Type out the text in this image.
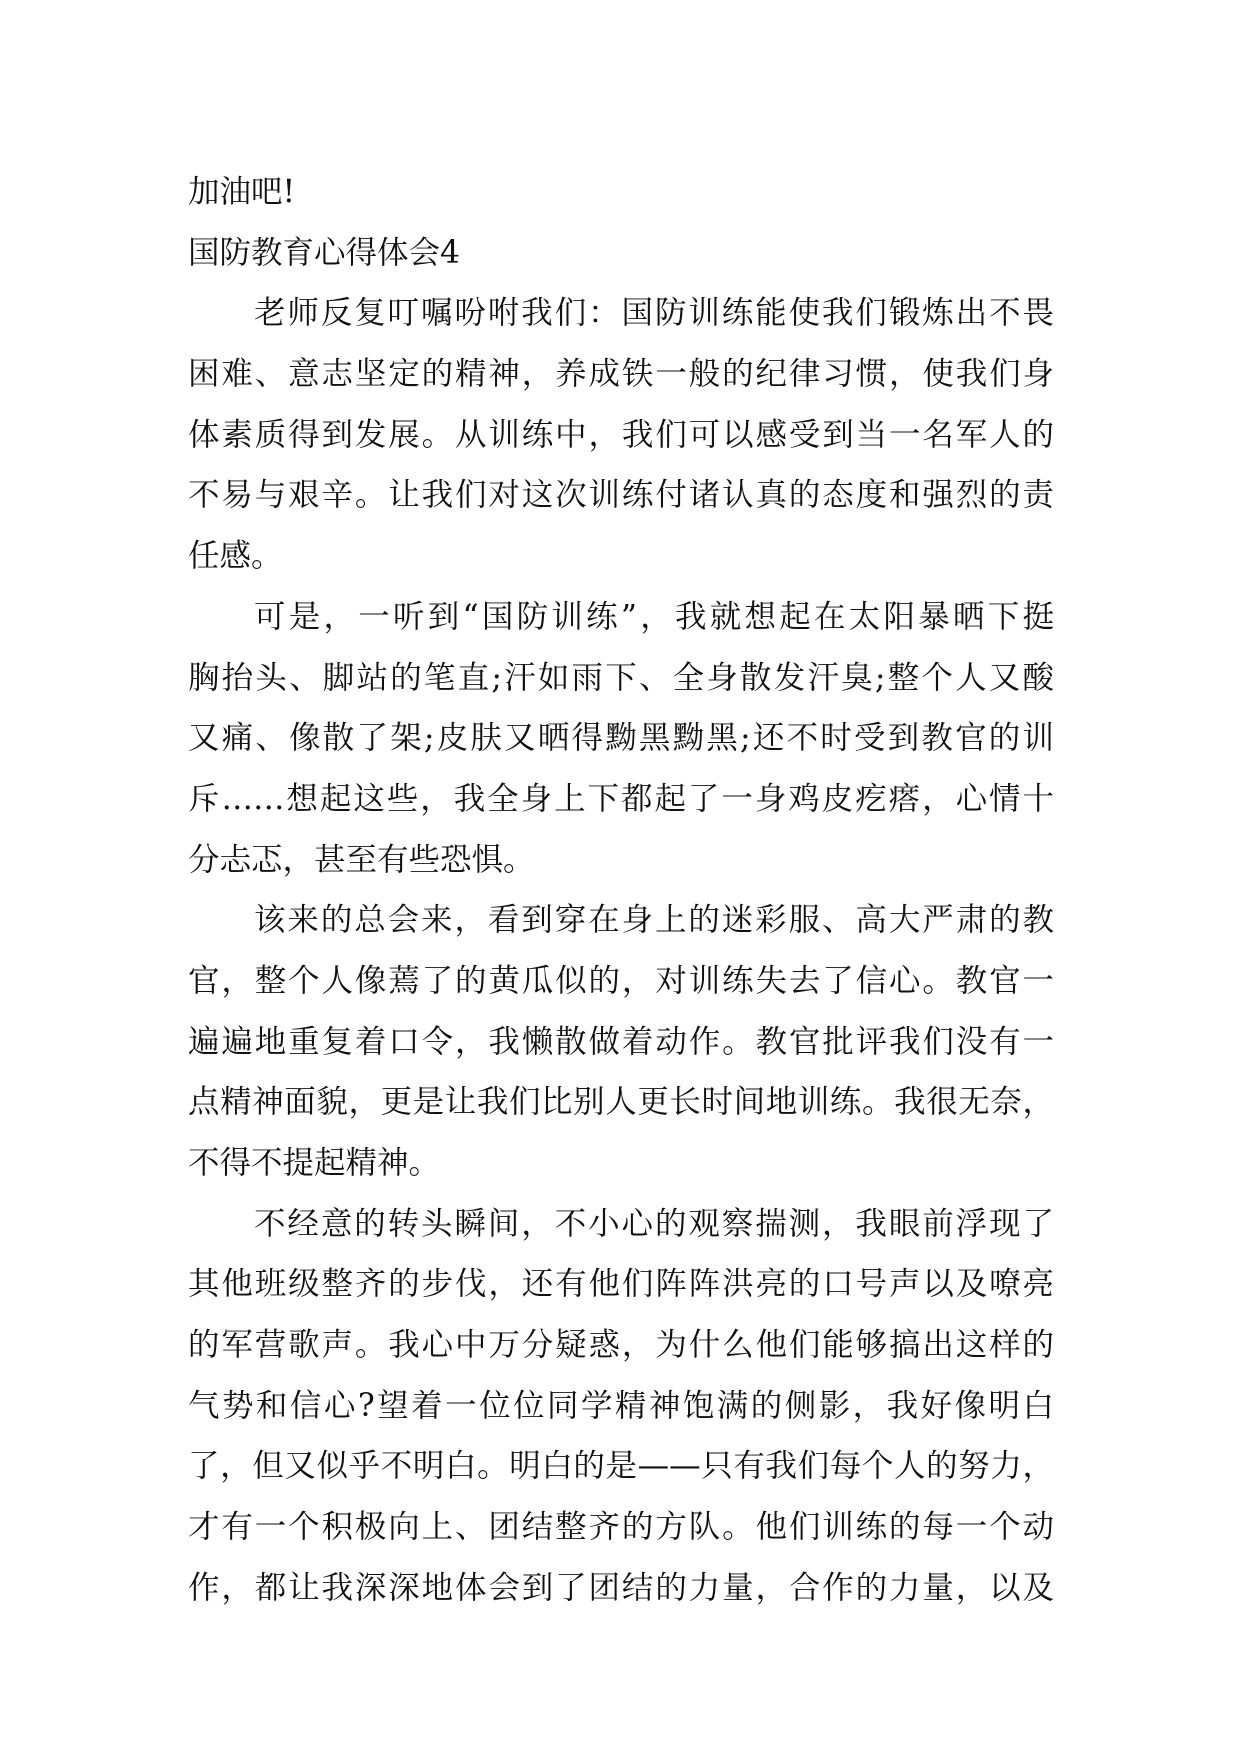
加油吧!
国防教育心得体会4
老师反复叮嘱吩咐我们：国防训练能使我们锻炼出不畏
困难、意志坚定的精神，养成铁一般的纪律习惯，使我们身
体素质得到发展。从训练中，我们可以感受到当一名军人的
不易与艰辛。让我们对这次训练付诸认真的态度和强烈的责
任感。
可是，一听到“国防训练”，我就想起在太阳暴晒下挺
胸抬头、脚站的笔直;汗如雨下、全身散发汗臭;整个人又酸
又痛、像散了架;皮肤又晒得黝黑黝黑;还不时受到教官的训
斥……想起这些，我全身上下都起了一身鸡皮疙瘩，心情十
分忐忑，甚至有些恐惧。
该来的总会来，看到穿在身上的迷彩服、高大严肃的教
官，整个人像蔫了的黄瓜似的，对训练失去了信心。教官一
遍遍地重复着口令，我懒散做着动作。教官批评我们没有一
点精神面貌，更是让我们比别人更长时间地训练。我很无奈，
不得不提起精神。
不经意的转头瞬间，不小心的观察揣测，我眼前浮现了
其他班级整齐的步伐，还有他们阵阵洪亮的口号声以及嘹亮
的军营歌声。我心中万分疑惑，为什么他们能够搞出这样的
气势和信心?望着一位位同学精神饱满的侧影，我好像明白
了，但又似乎不明白。明白的是——只有我们每个人的努力，
才有一个积极向上、团结整齐的方队。他们训练的每一个动
作，都让我深深地体会到了团结的力量，合作的力量，以及
